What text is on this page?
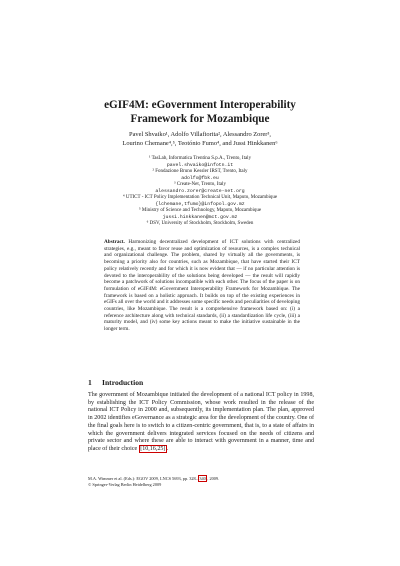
eGIF4M: eGovernment Interoperability
Framework for Mozambique
Pavel Shvaiko¹, Adolfo Villafiorita², Alessandro Zorer³,
Lourino Chemane⁴,⁵, Teotónio Fumo⁴, and Jussi Hinkkanen⁶
¹ TasLab, Informatica Trentina S.p.A., Trento, Italy
pavel.shvaiko@infotn.it
² Fondazione Bruno Kessler IRST, Trento, Italy
adolfo@fbk.eu
³ Create-Net, Trento, Italy
alessandro.zorer@create-net.org
⁴ UTICT - ICT Policy Implementation Technical Unit, Maputo, Mozambique
{lchemane,tfumo}@infopol.gov.mz
⁵ Ministry of Science and Technology, Maputo, Mozambique
jussi.hinkkanen@mct.gov.mz
⁶ DSV, University of Stockholm, Stockholm, Sweden
Abstract. Harmonizing decentralized development of ICT solutions with centralized strategies, e.g., meant to favor reuse and optimization of resources, is a complex technical and organizational challenge. The problem, shared by virtually all the governments, is becoming a priority also for countries, such as Mozambique, that have started their ICT policy relatively recently and for which it is now evident that — if no particular attention is devoted to the interoperability of the solutions being developed — the result will rapidly become a patchwork of solutions incompatible with each other. The focus of the paper is on formulation of eGIF4M: eGovernment Interoperability Framework for Mozambique. The framework is based on a holistic approach. It builds on top of the existing experiences in eGIFs all over the world and it addresses some specific needs and peculiarities of developing countries, like Mozambique. The result is a comprehensive framework based on: (i) a reference architecture along with technical standards, (ii) a standardization life cycle, (iii) a maturity model, and (iv) some key actions meant to make the initiative sustainable in the longer term.
1 Introduction
The government of Mozambique initiated the development of a national ICT policy in 1998, by establishing the ICT Policy Commission, whose work resulted in the release of the national ICT Policy in 2000 and, subsequently, its implementation plan. The plan, approved in 2002 identifies eGovernance as a strategic area for the development of the country. One of the final goals here is to switch to a citizen-centric government, that is, to a state of affairs in which the government delivers integrated services focused on the needs of citizens and private sector and where these are able to interact with government in a manner, time and place of their choice [10,16,25] .
M.A. Wimmer et al. (Eds.): EGOV 2009, LNCS 5693, pp. 328– 340 , 2009.
© Springer-Verlag Berlin Heidelberg 2009
